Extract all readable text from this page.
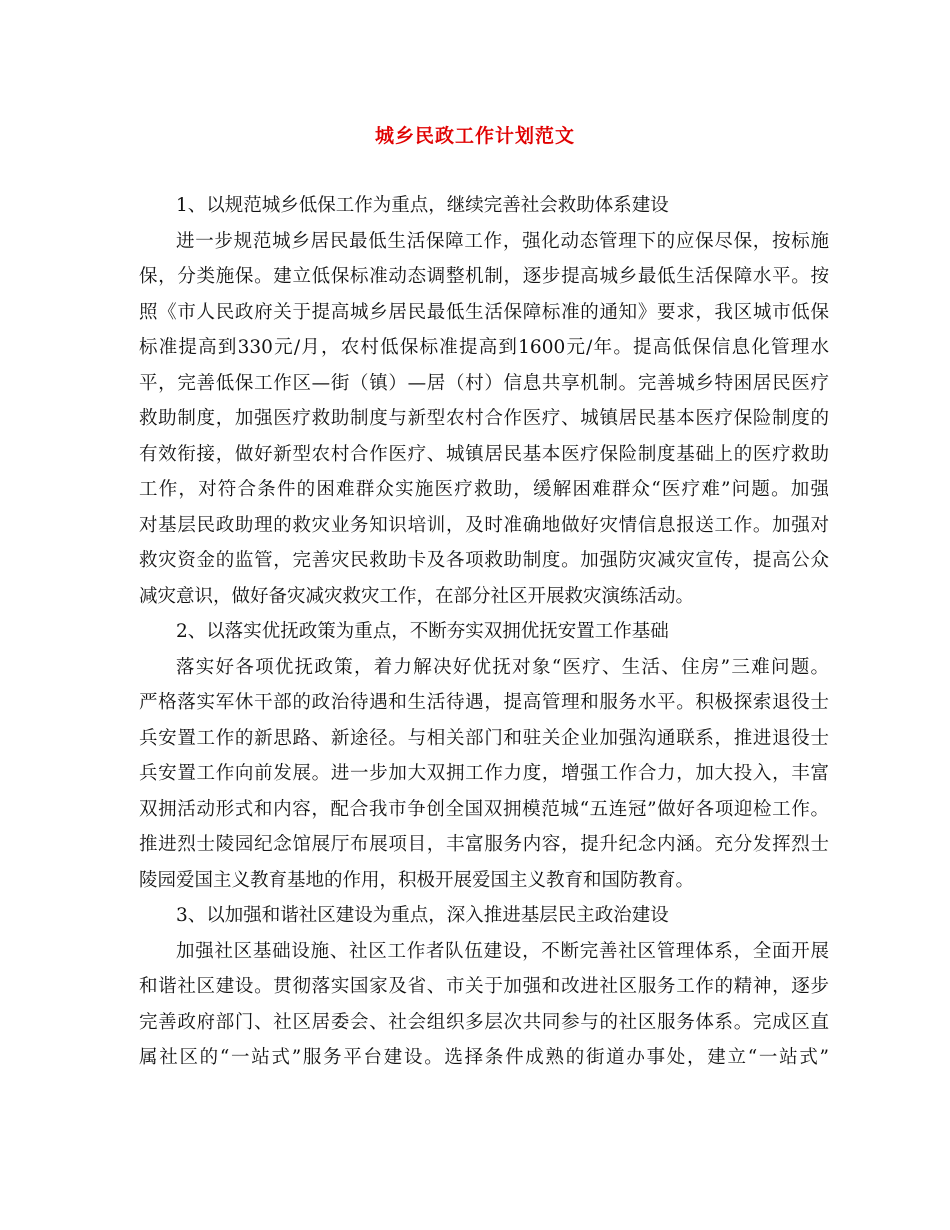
城乡民政工作计划范文
1、以规范城乡低保工作为重点，继续完善社会救助体系建设
进一步规范城乡居民最低生活保障工作，强化动态管理下的应保尽保，按标施
保，分类施保。建立低保标准动态调整机制，逐步提高城乡最低生活保障水平。按
照《市人民政府关于提高城乡居民最低生活保障标准的通知》要求，我区城市低保
标准提高到330元/月，农村低保标准提高到1600元/年。提高低保信息化管理水
平，完善低保工作区—街（镇）—居（村）信息共享机制。完善城乡特困居民医疗
救助制度，加强医疗救助制度与新型农村合作医疗、城镇居民基本医疗保险制度的
有效衔接，做好新型农村合作医疗、城镇居民基本医疗保险制度基础上的医疗救助
工作，对符合条件的困难群众实施医疗救助，缓解困难群众“医疗难”问题。加强
对基层民政助理的救灾业务知识培训，及时准确地做好灾情信息报送工作。加强对
救灾资金的监管，完善灾民救助卡及各项救助制度。加强防灾减灾宣传，提高公众
减灾意识，做好备灾减灾救灾工作，在部分社区开展救灾演练活动。
2、以落实优抚政策为重点，不断夯实双拥优抚安置工作基础
落实好各项优抚政策，着力解决好优抚对象“医疗、生活、住房”三难问题。
严格落实军休干部的政治待遇和生活待遇，提高管理和服务水平。积极探索退役士
兵安置工作的新思路、新途径。与相关部门和驻关企业加强沟通联系，推进退役士
兵安置工作向前发展。进一步加大双拥工作力度，增强工作合力，加大投入，丰富
双拥活动形式和内容，配合我市争创全国双拥模范城“五连冠”做好各项迎检工作。
推进烈士陵园纪念馆展厅布展项目，丰富服务内容，提升纪念内涵。充分发挥烈士
陵园爱国主义教育基地的作用，积极开展爱国主义教育和国防教育。
3、以加强和谐社区建设为重点，深入推进基层民主政治建设
加强社区基础设施、社区工作者队伍建设，不断完善社区管理体系，全面开展
和谐社区建设。贯彻落实国家及省、市关于加强和改进社区服务工作的精神，逐步
完善政府部门、社区居委会、社会组织多层次共同参与的社区服务体系。完成区直
属社区的“一站式”服务平台建设。选择条件成熟的街道办事处，建立“一站式”
